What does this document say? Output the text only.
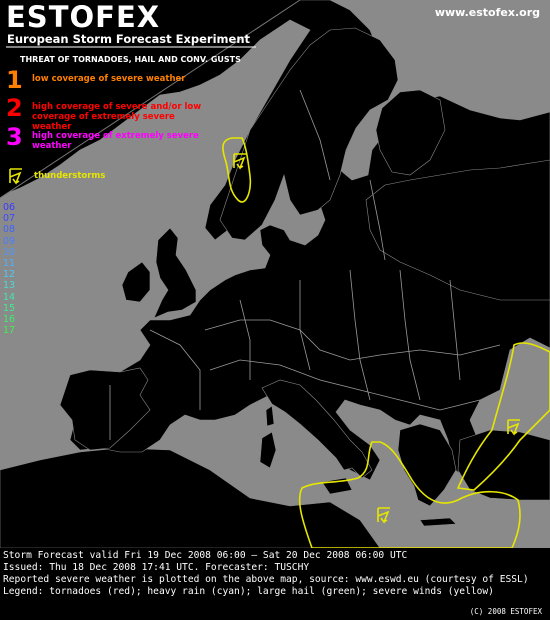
ESTOFEX
European Storm Forecast Experiment
www.estofex.org
THREAT OF TORNADOES, HAIL AND CONV. GUSTS
1	low coverage of severe weather
2	high coverage of severe and/or low coverage of extremely severe weather
3	high coverage of extremely severe weather
thunderstorms
06
07
08
09
10
11
12
13
14
15
16
17
Storm Forecast valid Fri 19 Dec 2008 06:00 – Sat 20 Dec 2008 06:00 UTC
Issued: Thu 18 Dec 2008 17:41 UTC. Forecaster: TUSCHY
Reported severe weather is plotted on the above map, source: www.eswd.eu (courtesy of ESSL)
Legend: tornadoes (red); heavy rain (cyan); large hail (green); severe winds (yellow)
(C) 2008 ESTOFEX
